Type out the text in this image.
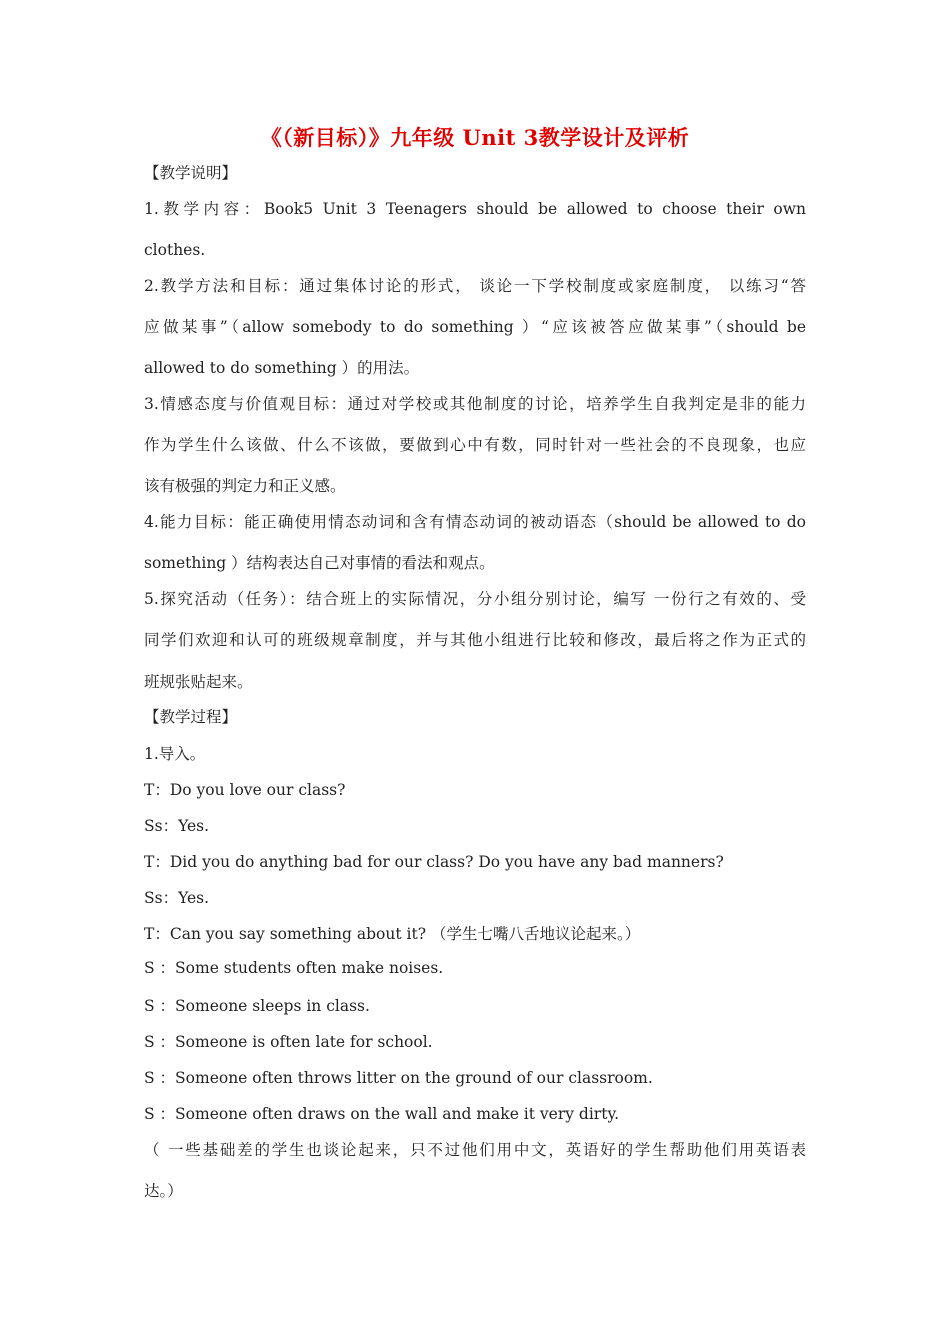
《（新目标）》九年级 Unit 3教学设计及评析
【教学说明】
1.教学内容：Book5 Unit 3 Teenagers should be allowed to choose their own
clothes.
2.教学方法和目标：通过集体讨论的形式， 谈论一下学校制度或家庭制度， 以练习“答
应做某事”（allow somebody to do something ）“应该被答应做某事”（should be
allowed to do something ）的用法。
3.情感态度与价值观目标：通过对学校或其他制度的讨论，培养学生自我判定是非的能力
作为学生什么该做、什么不该做，要做到心中有数，同时针对一些社会的不良现象，也应
该有极强的判定力和正义感。
4.能力目标：能正确使用情态动词和含有情态动词的被动语态（should be allowed to do
something ）结构表达自己对事情的看法和观点。
5.探究活动（任务）：结合班上的实际情况，分小组分别讨论，编写 一份行之有效的、受
同学们欢迎和认可的班级规章制度，并与其他小组进行比较和修改，最后将之作为正式的
班规张贴起来。
【教学过程】
1.导入。
T：Do you love our class?
Ss：Yes.
T：Did you do anything bad for our class? Do you have any bad manners?
Ss：Yes.
T：Can you say something about it? （学生七嘴八舌地议论起来。）
S ：Some students often make noises.
S ：Someone sleeps in class.
S ：Someone is often late for school.
S ：Someone often throws litter on the ground of our classroom.
S ：Someone often draws on the wall and make it very dirty.
（ 一些基础差的学生也谈论起来，只不过他们用中文，英语好的学生帮助他们用英语表
达。）
